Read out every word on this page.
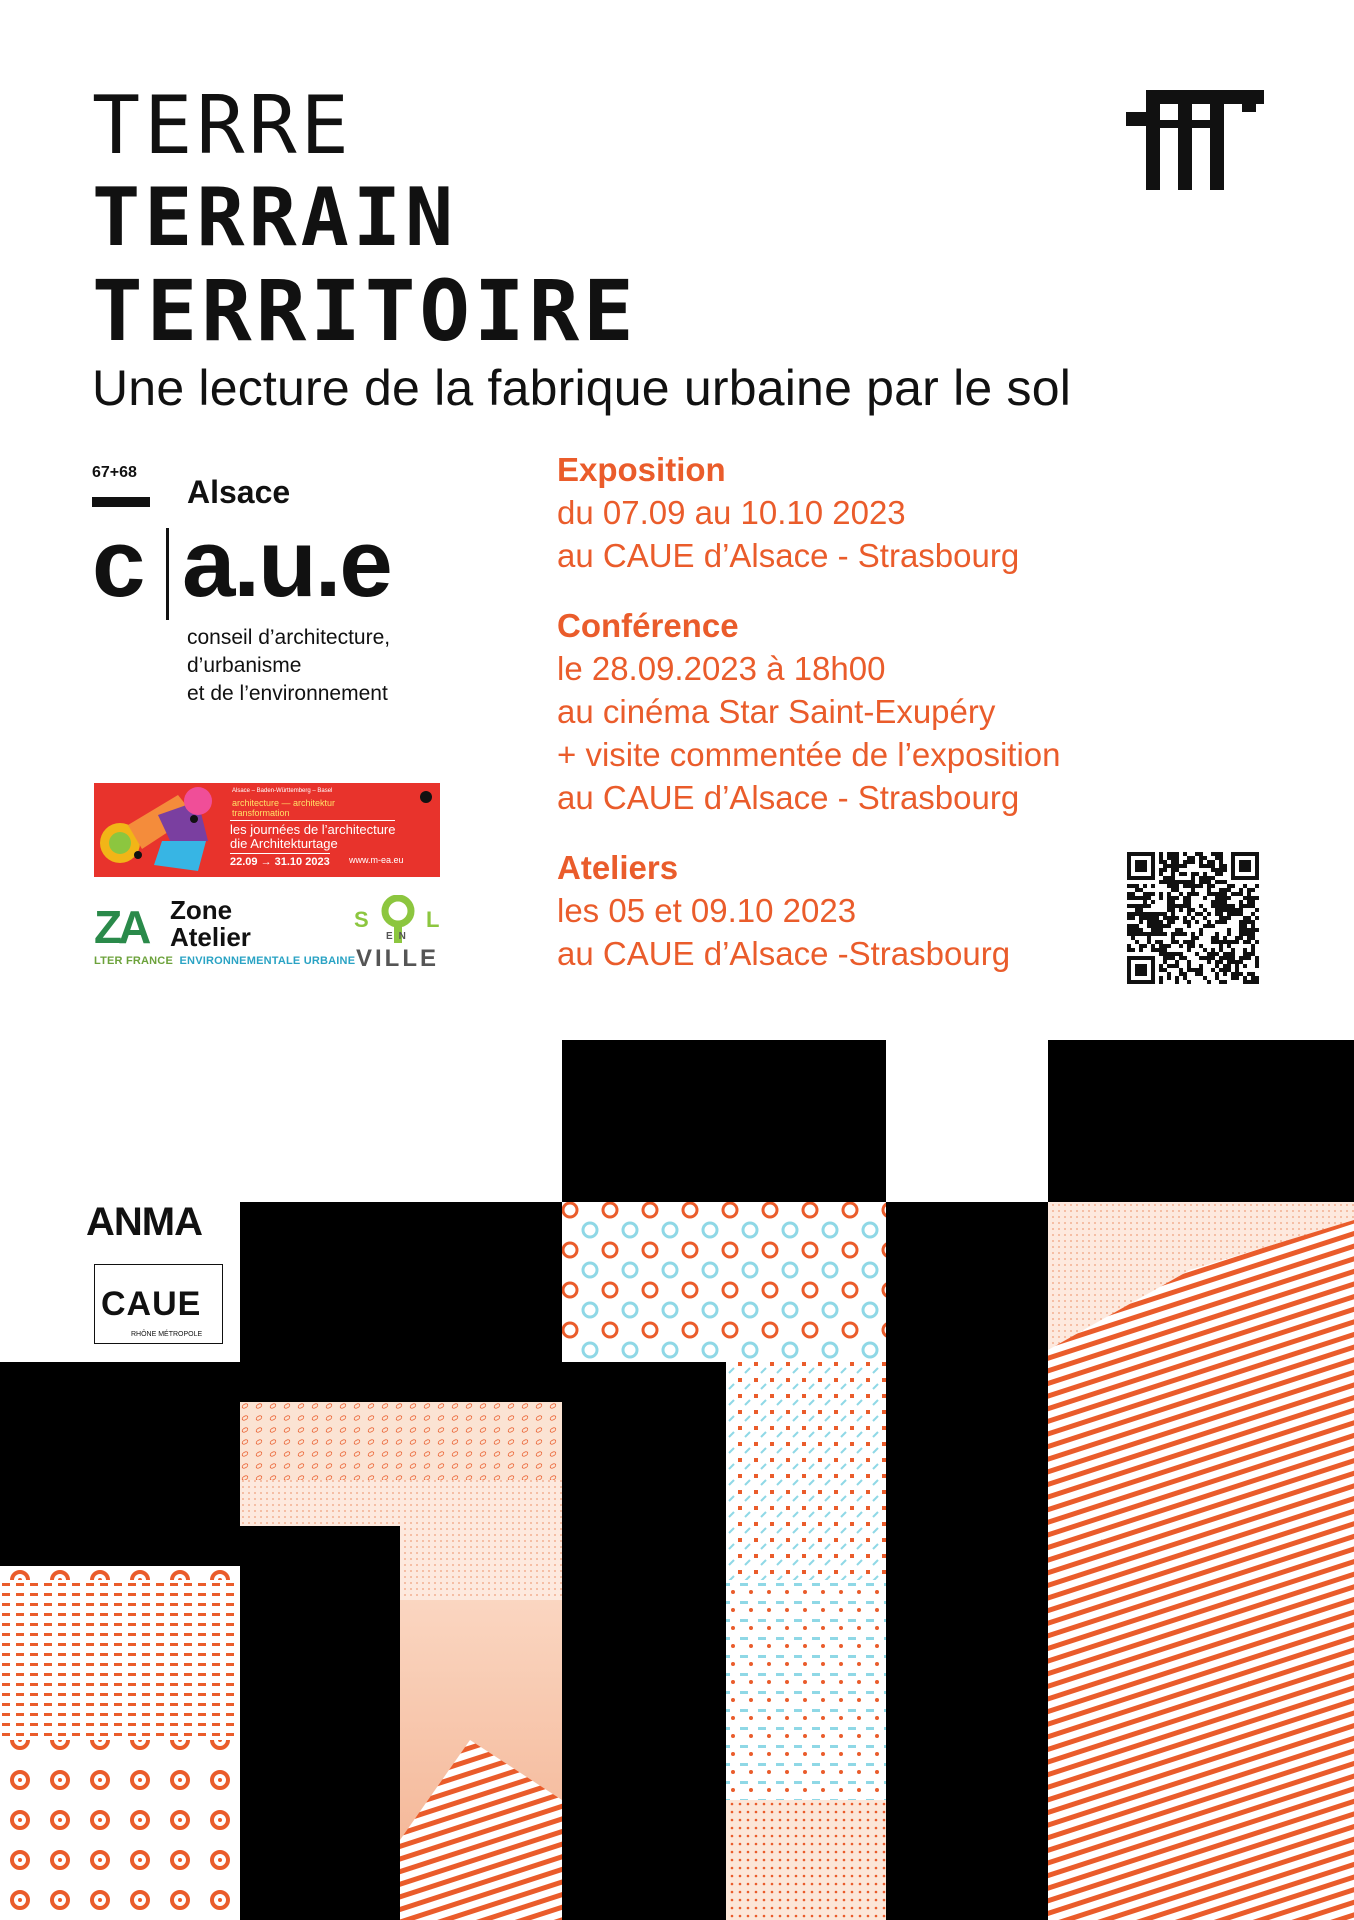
TERRE
TERRAIN
TERRITOIRE
Une lecture de la fabrique urbaine par le sol
67+68
Alsace
c a.u.e
conseil d’architecture,
d’urbanisme
et de l’environnement
Alsace – Baden-Württemberg – Basel
architecture — architektur
transformation
les journées de l’architecture
die Architekturtage
22.09 → 31.10 2023 www.m-ea.eu
ZA Zone
Atelier
LTER FRANCE ENVIRONNEMENTALE URBAINE
S	L
EN
VILLE
Exposition
du 07.09 au 10.10 2023
au CAUE d’Alsace - Strasbourg
Conférence
le 28.09.2023 à 18h00
au cinéma Star Saint-Exupéry
+ visite commentée de l’exposition
au CAUE d’Alsace - Strasbourg
Ateliers
les 05 et 09.10 2023
au CAUE d’Alsace -Strasbourg
ANMA
CAUE
RHÔNE MÉTROPOLE
